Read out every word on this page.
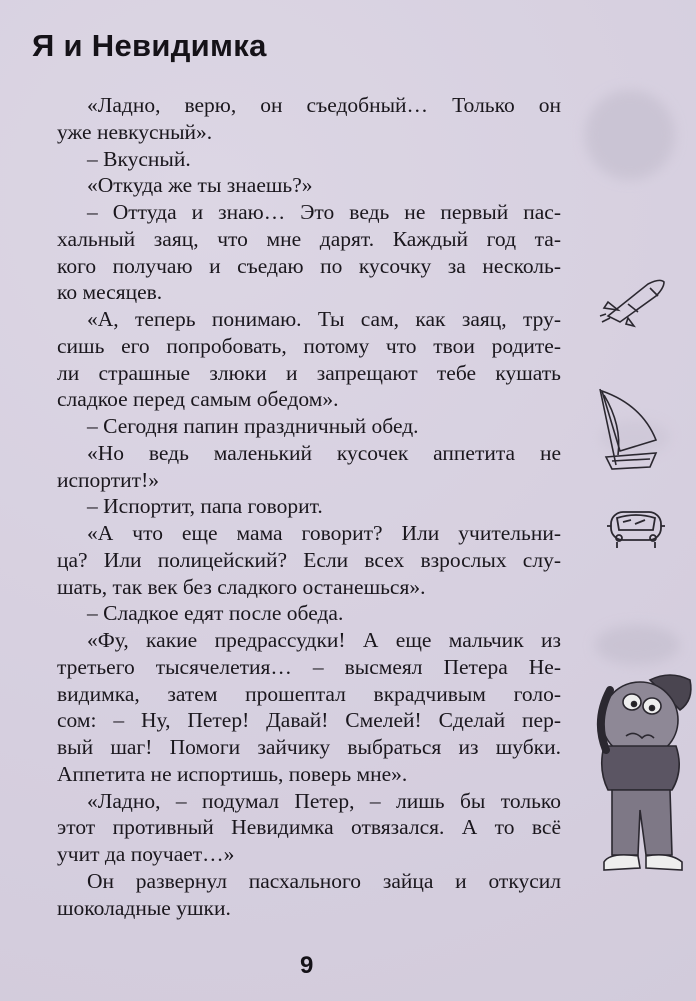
Я и Невидимка
«Ладно, верю, он съедобный… Только он
уже невкусный».
– Вкусный.
«Откуда же ты знаешь?»
– Оттуда и знаю… Это ведь не первый пас-
хальный заяц, что мне дарят. Каждый год та-
кого получаю и съедаю по кусочку за несколь-
ко месяцев.
«А, теперь понимаю. Ты сам, как заяц, тру-
сишь его попробовать, потому что твои родите-
ли страшные злюки и запрещают тебе кушать
сладкое перед самым обедом».
– Сегодня папин праздничный обед.
«Но ведь маленький кусочек аппетита не
испортит!»
– Испортит, папа говорит.
«А что еще мама говорит? Или учительни-
ца? Или полицейский? Если всех взрослых слу-
шать, так век без сладкого останешься».
– Сладкое едят после обеда.
«Фу, какие предрассудки! А еще мальчик из
третьего тысячелетия… – высмеял Петера Не-
видимка, затем прошептал вкрадчивым голо-
сом: – Ну, Петер! Давай! Смелей! Сделай пер-
вый шаг! Помоги зайчику выбраться из шубки.
Аппетита не испортишь, поверь мне».
«Ладно, – подумал Петер, – лишь бы только
этот противный Невидимка отвязался. А то всё
учит да поучает…»
Он развернул пасхального зайца и откусил
шоколадные ушки.
9
